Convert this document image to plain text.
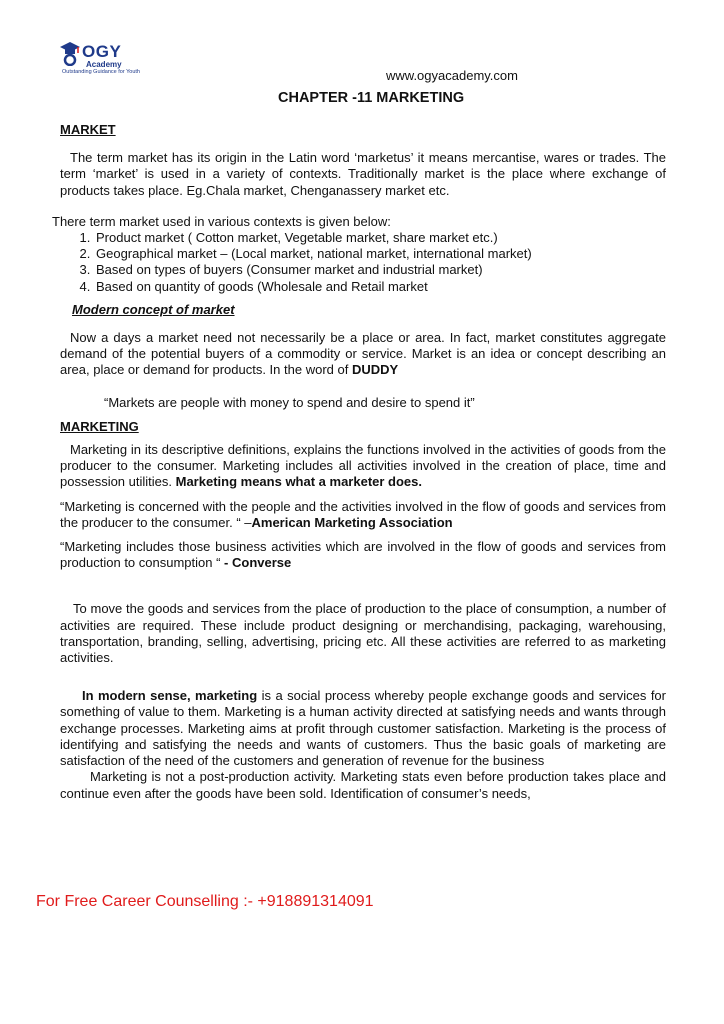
OGY
Academy
Outstanding Guidance for Youth	www.ogyacademy.com
CHAPTER -11 MARKETING

MARKET

The term market has its origin in the Latin word ‘marketus’ it means mercantise, wares or trades. The term ‘market’ is used in a variety of contexts. Traditionally market is the place where exchange of products takes place. Eg.Chala market, Chenganassery market etc.

There term market used in various contexts is given below:

1. Product market ( Cotton market, Vegetable market, share market etc.)
2. Geographical market – (Local market, national market, international market)
3. Based on types of buyers (Consumer market and industrial market)
4. Based on quantity of goods (Wholesale and Retail market

Modern concept of market

Now a days a market need not necessarily be a place or area. In fact, market constitutes aggregate demand of the potential buyers of a commodity or service. Market is an idea or concept describing an area, place or demand for products. In the word of DUDDY

“Markets are people with money to spend and desire to spend it”

MARKETING

Marketing in its descriptive definitions, explains the functions involved in the activities of goods from the producer to the consumer. Marketing includes all activities involved in the creation of place, time and possession utilities. Marketing means what a marketer does.

“Marketing is concerned with the people and the activities involved in the flow of goods and services from the producer to the consumer. “ –American Marketing Association

“Marketing includes those business activities which are involved in the flow of goods and services from production to consumption “ - Converse

To move the goods and services from the place of production to the place of consumption, a number of activities are required. These include product designing or merchandising, packaging, warehousing, transportation, branding, selling, advertising, pricing etc. All these activities are referred to as marketing activities.

In modern sense, marketing is a social process whereby people exchange goods and services for something of value to them. Marketing is a human activity directed at satisfying needs and wants through exchange processes. Marketing aims at profit through customer satisfaction. Marketing is the process of identifying and satisfying the needs and wants of customers. Thus the basic goals of marketing are satisfaction of the need of the customers and generation of revenue for the business

Marketing is not a post-production activity. Marketing stats even before production takes place and continue even after the goods have been sold. Identification of consumer’s needs,

For Free Career Counselling :- +918891314091
